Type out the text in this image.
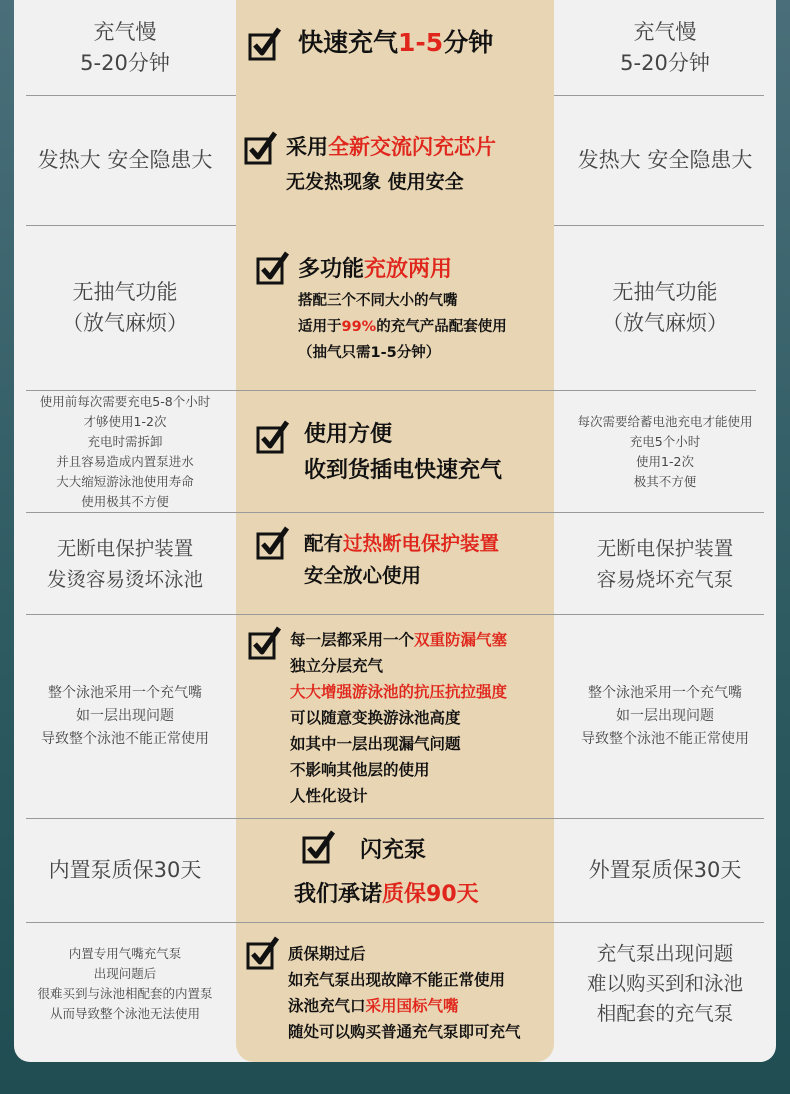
充气慢
5-20分钟
快速充气1-5分钟	充气慢
5-20分钟
发热大 安全隐患大
采用全新交流闪充芯片
无发热现象 使用安全
发热大 安全隐患大
无抽气功能
（放气麻烦）
多功能充放两用
搭配三个不同大小的气嘴
适用于99%的充气产品配套使用
（抽气只需1-5分钟）
无抽气功能
（放气麻烦）
使用前每次需要充电5-8个小时
才够使用1-2次
充电时需拆卸
并且容易造成内置泵进水
大大缩短游泳池使用寿命
使用极其不方便
使用方便
收到货插电快速充气
每次需要给蓄电池充电才能使用
充电5个小时
使用1-2次
极其不方便
无断电保护装置
发烫容易烫坏泳池
配有过热断电保护装置
安全放心使用
无断电保护装置
容易烧坏充气泵
整个泳池采用一个充气嘴
如一层出现问题
导致整个泳池不能正常使用
每一层都采用一个双重防漏气塞
独立分层充气
大大增强游泳池的抗压抗拉强度
可以随意变换游泳池高度
如其中一层出现漏气问题
不影响其他层的使用
人性化设计
整个泳池采用一个充气嘴
如一层出现问题
导致整个泳池不能正常使用
内置泵质保30天
闪充泵
我们承诺质保90天
外置泵质保30天
内置专用气嘴充气泵
出现问题后
很难买到与泳池相配套的内置泵
从而导致整个泳池无法使用
质保期过后
如充气泵出现故障不能正常使用
泳池充气口采用国标气嘴
随处可以购买普通充气泵即可充气
充气泵出现问题
难以购买到和泳池
相配套的充气泵
